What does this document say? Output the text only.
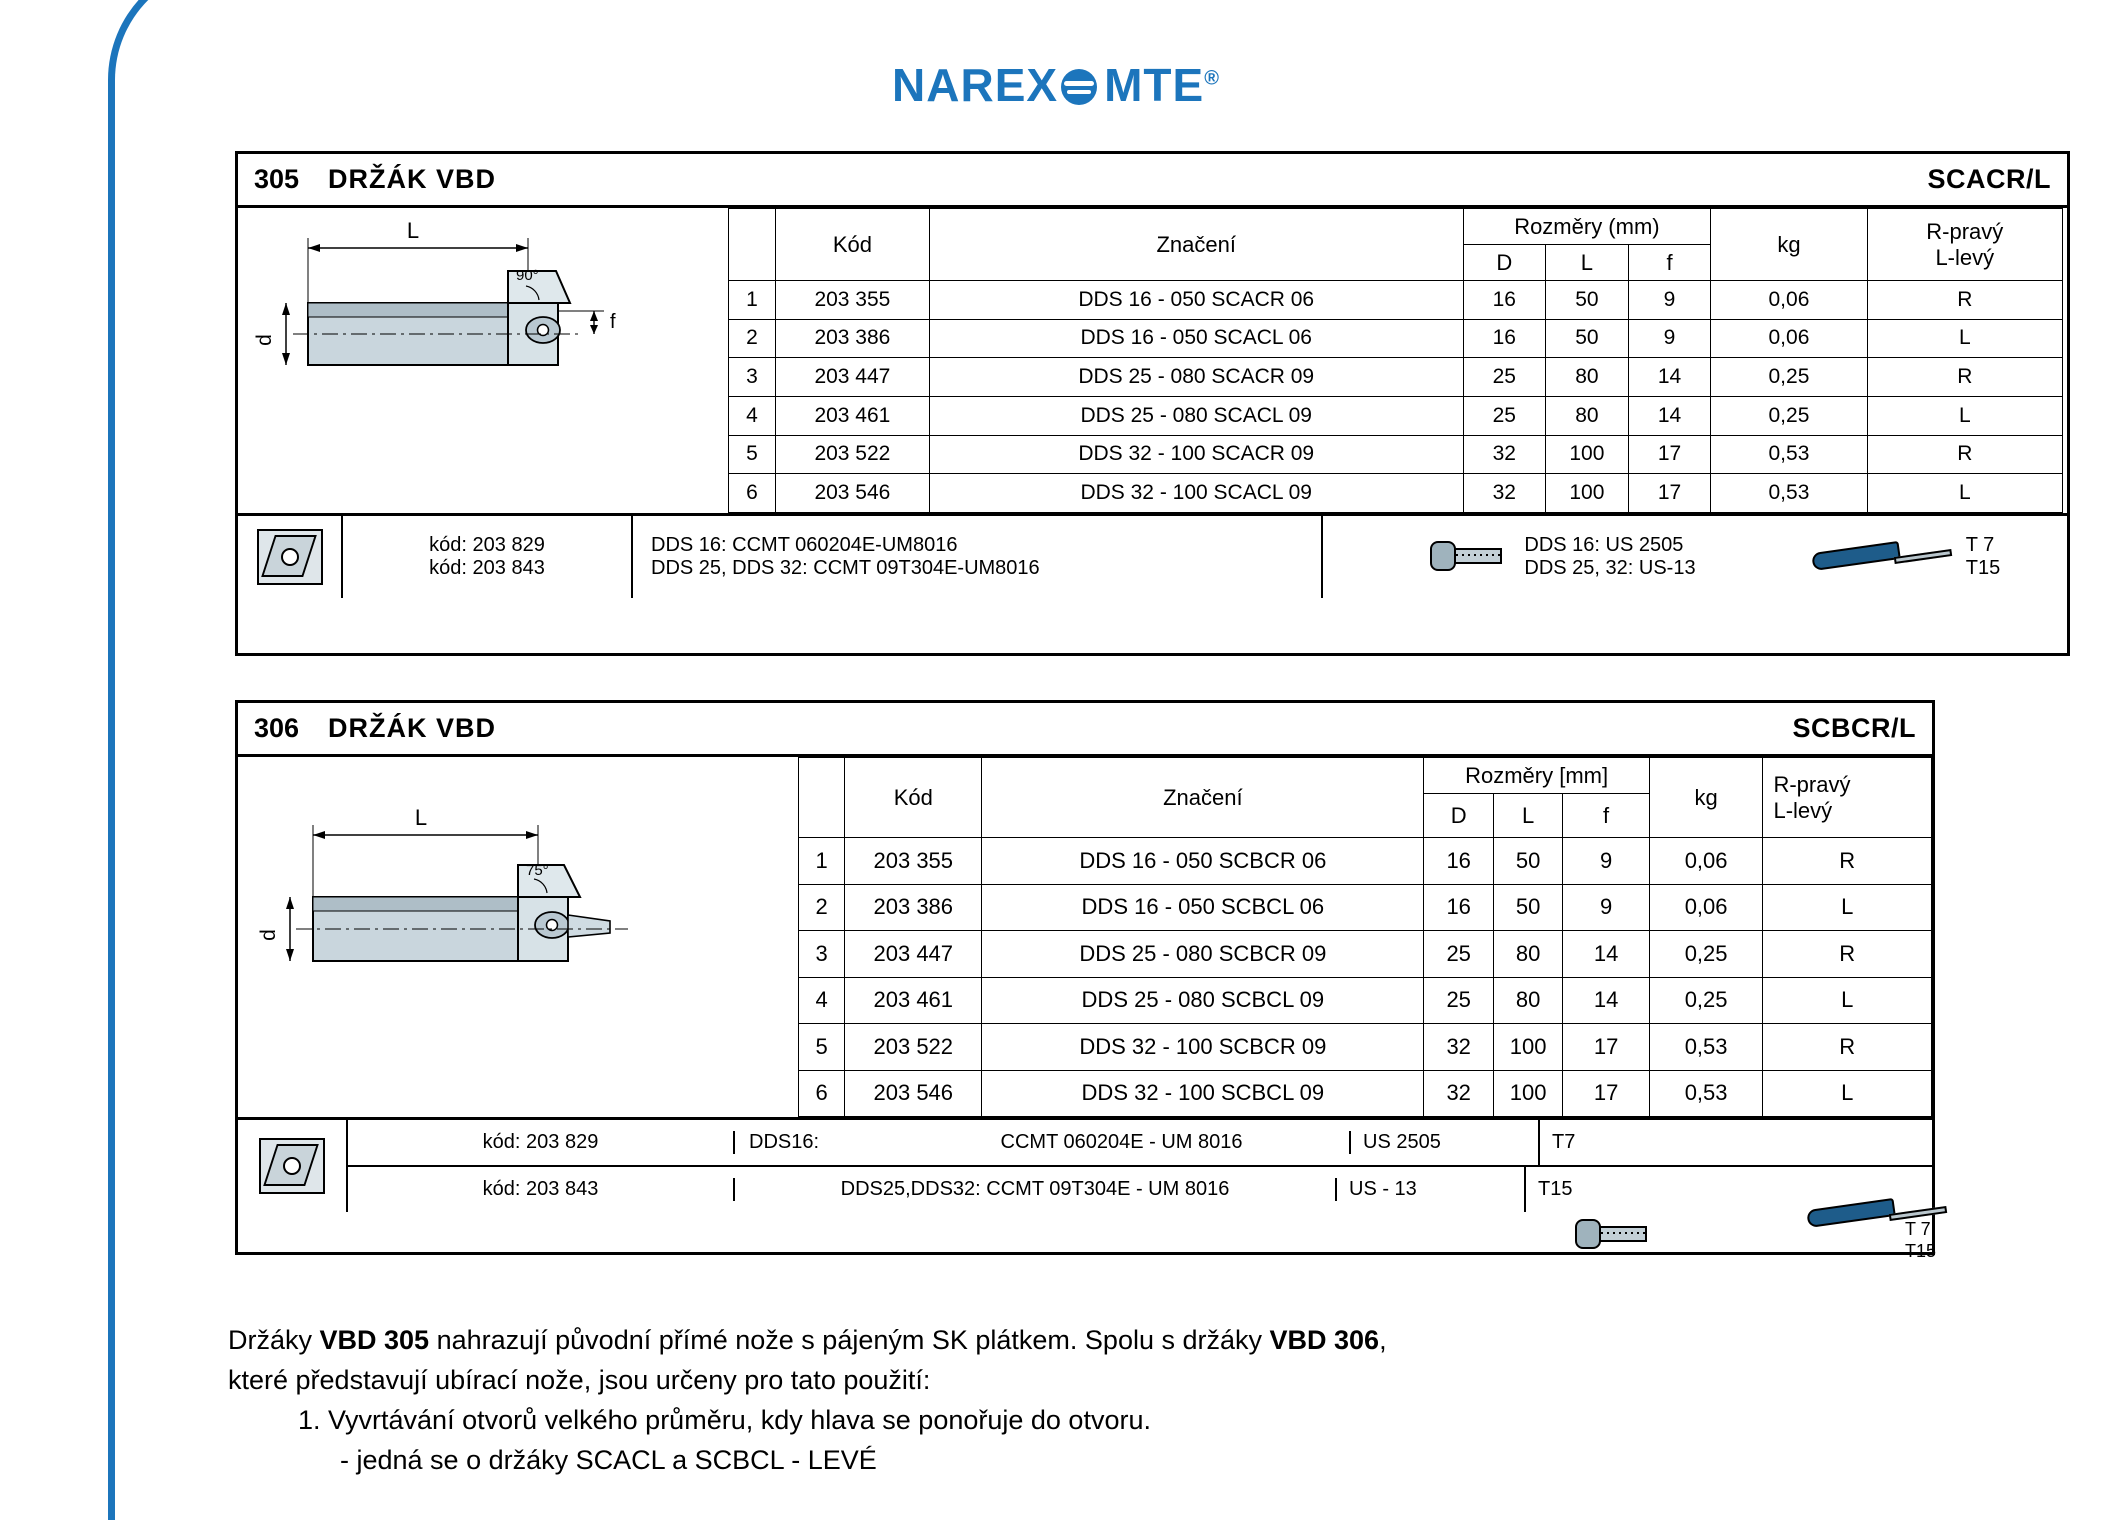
NAREX MTE®
305	DRŽÁK VBD	SCACR/L
L
90°
d
f
	Kód	Značení	Rozměry (mm)			kg	R-pravý
L-levý

			D	L	f		
1	203 355	DDS 16 - 050 SCACR 06	16	50	9	0,06	R
2	203 386	DDS 16 - 050 SCACL 06	16	50	9	0,06	L
3	203 447	DDS 25 - 080 SCACR 09	25	80	14	0,25	R
4	203 461	DDS 25 - 080 SCACL 09	25	80	14	0,25	L
5	203 522	DDS 32 - 100 SCACR 09	32	100	17	0,53	R
6	203 546	DDS 32 - 100 SCACL 09	32	100	17	0,53	L
kód: 203 829
kód: 203 843
DDS 16: CCMT 060204E-UM8016
DDS 25, DDS 32: CCMT 09T304E-UM8016
DDS 16: US 2505
DDS 25, 32: US-13
T 7
T15
306	DRŽÁK VBD	SCBCR/L
L
75°
d
	Kód	Značení	Rozměry [mm]			kg	R-pravý
L-levý

			D	L	f		
1	203 355	DDS 16 - 050 SCBCR 06	16	50	9	0,06	R
2	203 386	DDS 16 - 050 SCBCL 06	16	50	9	0,06	L
3	203 447	DDS 25 - 080 SCBCR 09	25	80	14	0,25	R
4	203 461	DDS 25 - 080 SCBCL 09	25	80	14	0,25	L
5	203 522	DDS 32 - 100 SCBCR 09	32	100	17	0,53	R
6	203 546	DDS 32 - 100 SCBCL 09	32	100	17	0,53	L
kód: 203 829	DDS16:	CCMT 060204E - UM 8016	US 2505	T7
kód: 203 843	DDS25,DDS32: CCMT 09T304E - UM 8016	US - 13	T15
T 7
T15
Držáky VBD 305 nahrazují původní přímé nože s pájeným SK plátkem. Spolu s držáky VBD 306,
které představují ubírací nože, jsou určeny pro tato použití:
1. Vyvrtávání otvorů velkého průměru, kdy hlava se ponořuje do otvoru.
- jedná se o držáky SCACL a SCBCL - LEVÉ
